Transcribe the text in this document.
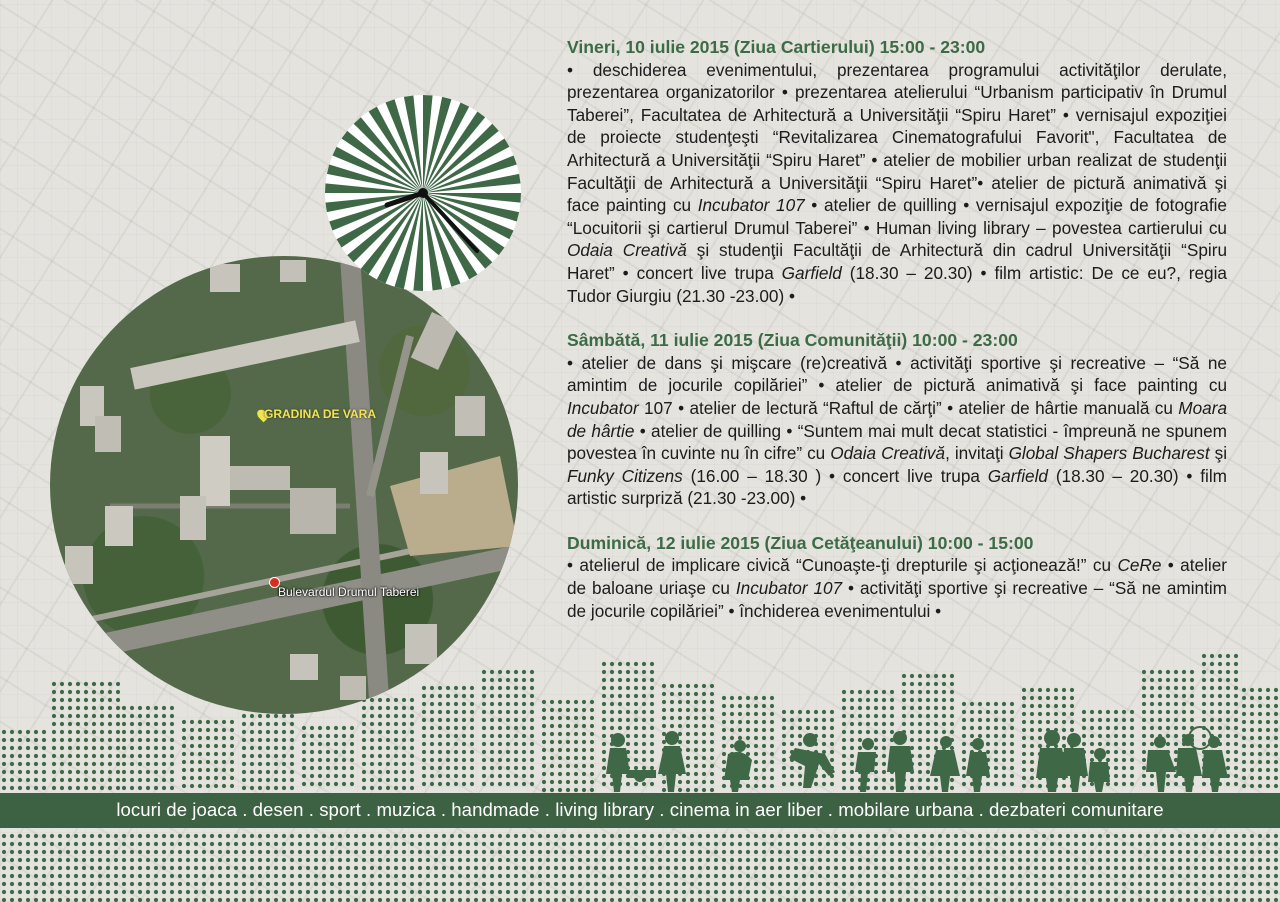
GRADINA DE VARA
Bulevardul Drumul Taberei

Vineri, 10 iulie 2015 (Ziua Cartierului) 15:00 - 23:00

• deschiderea evenimentului, prezentarea programului activităţilor derulate, prezentarea organizatorilor • prezentarea atelierului “Urbanism participativ în Drumul Taberei”, Facultatea de Arhitectură a Universităţii “Spiru Haret” • vernisajul expoziţiei de proiecte studenţeşti “Revitalizarea Cinematografului Favorit", Facultatea de Arhitectură a Universităţii “Spiru Haret” • atelier de mobilier urban realizat de studenţii Facultăţii de Arhitectură a Universităţii “Spiru Haret”• atelier de pictură animativă şi face painting cu Incubator 107 • atelier de quilling • vernisajul expoziţie de fotografie “Locuitorii şi cartierul Drumul Taberei” • Human living library – povestea cartierului cu Odaia Creativă şi studenţii Facultăţii de Arhitectură din cadrul Universităţii “Spiru Haret” • concert live trupa Garfield (18.30 – 20.30) • film artistic: De ce eu?, regia Tudor Giurgiu (21.30 -23.00) •

Sâmbătă, 11 iulie 2015 (Ziua Comunităţii) 10:00 - 23:00

• atelier de dans şi mişcare (re)creativă • activităţi sportive şi recreative – “Să ne amintim de jocurile copilăriei” • atelier de pictură animativă şi face painting cu Incubator 107 • atelier de lectură “Raftul de cărţi” • atelier de hârtie manuală cu Moara de hârtie • atelier de quilling • “Suntem mai mult decat statistici - împreună ne spunem povestea în cuvinte nu în cifre” cu Odaia Creativă, invitaţi Global Shapers Bucharest şi Funky Citizens (16.00 – 18.30 ) • concert live trupa Garfield (18.30 – 20.30) • film artistic surpriză (21.30 -23.00) •

Duminică, 12 iulie 2015 (Ziua Cetăţeanului) 10:00 - 15:00

• atelierul de implicare civică “Cunoaşte-ţi drepturile şi acţionează!” cu CeRe • atelier de baloane uriaşe cu Incubator 107 • activităţi sportive şi recreative – “Să ne amintim de jocurile copilăriei” • închiderea evenimentului •

locuri de joaca . desen . sport . muzica . handmade . living library . cinema in aer liber . mobilare urbana . dezbateri comunitare
